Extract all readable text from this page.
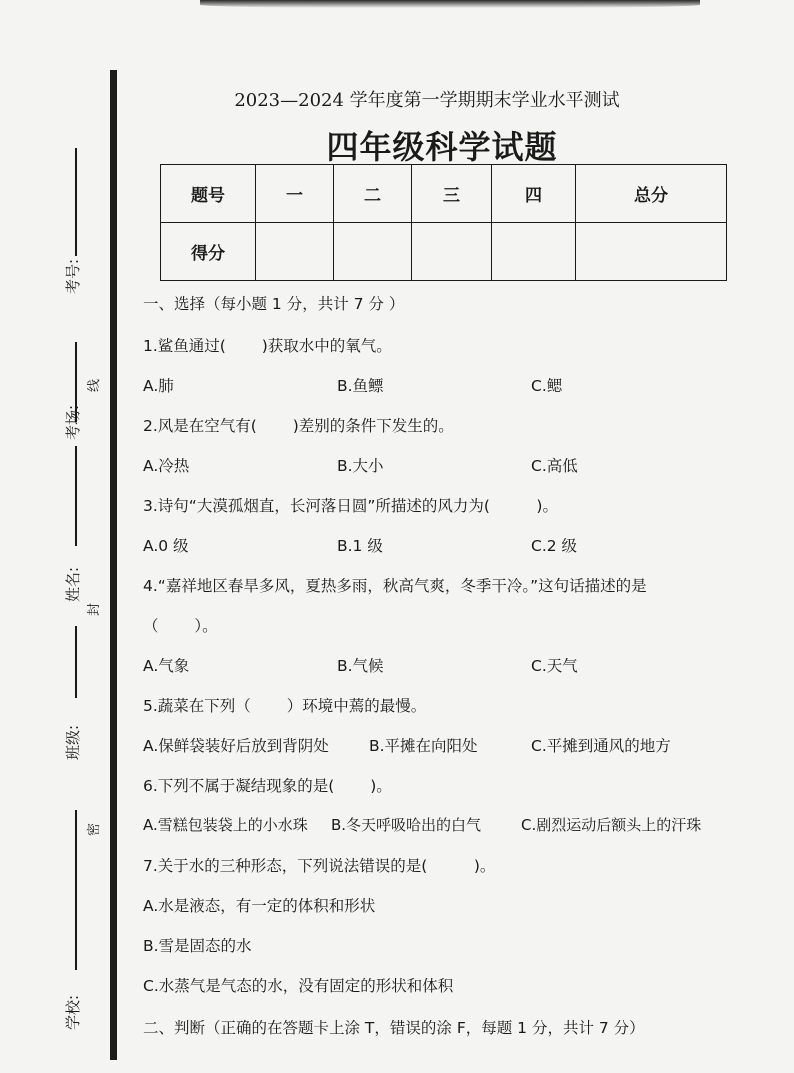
考号:
考场:
姓名:
班级:
学校:
线
封
密
2023—2024 学年度第一学期期末学业水平测试
四年级科学试题
题号	一	二	三	四	总分
得分					
一、选择（每小题 1 分，共计 7 分 ）
1.鲨鱼通过(　　 )获取水中的氧气。
A.肺	B.鱼鳔	C.鳃
2.风是在空气有(　　 )差别的条件下发生的。
A.冷热	B.大小	C.高低
3.诗句“大漠孤烟直，长河落日圆”所描述的风力为(　　　)。
A.0 级	B.1 级	C.2 级
4.“嘉祥地区春旱多风，夏热多雨，秋高气爽，冬季干冷。”这句话描述的是
（　　 ）。
A.气象	B.气候	C.天气
5.蔬菜在下列（　　 ）环境中蔫的最慢。
A.保鲜袋装好后放到背阴处	B.平摊在向阳处	C.平摊到通风的地方
6.下列不属于凝结现象的是(　　 )。
A.雪糕包装袋上的小水珠 B.冬天呼吸哈出的白气	C.剧烈运动后额头上的汗珠
7.关于水的三种形态，下列说法错误的是(　　　)。
A.水是液态，有一定的体积和形状
B.雪是固态的水
C.水蒸气是气态的水，没有固定的形状和体积
二、判断（正确的在答题卡上涂 T，错误的涂 F，每题 1 分，共计 7 分）
